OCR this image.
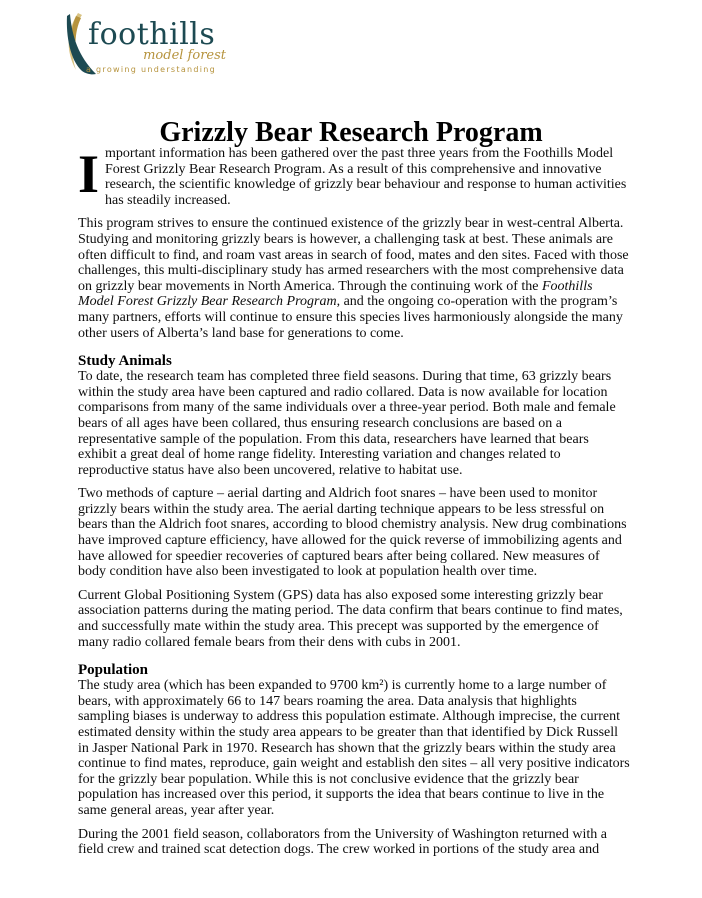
foothills
model forest
a growing understanding
Grizzly Bear Research Program

Important information has been gathered over the past three years from the Foothills Model Forest Grizzly Bear Research Program. As a result of this comprehensive and innovative research, the scientific knowledge of grizzly bear behaviour and response to human activities has steadily increased.

This program strives to ensure the continued existence of the grizzly bear in west-central Alberta. Studying and monitoring grizzly bears is however, a challenging task at best. These animals are often difficult to find, and roam vast areas in search of food, mates and den sites. Faced with those challenges, this multi-disciplinary study has armed researchers with the most comprehensive data on grizzly bear movements in North America. Through the continuing work of the Foothills Model Forest Grizzly Bear Research Program, and the ongoing co-operation with the program’s many partners, efforts will continue to ensure this species lives harmoniously alongside the many other users of Alberta’s land base for generations to come.

Study Animals

To date, the research team has completed three field seasons. During that time, 63 grizzly bears within the study area have been captured and radio collared. Data is now available for location comparisons from many of the same individuals over a three-year period. Both male and female bears of all ages have been collared, thus ensuring research conclusions are based on a representative sample of the population. From this data, researchers have learned that bears exhibit a great deal of home range fidelity. Interesting variation and changes related to reproductive status have also been uncovered, relative to habitat use.

Two methods of capture – aerial darting and Aldrich foot snares – have been used to monitor grizzly bears within the study area. The aerial darting technique appears to be less stressful on bears than the Aldrich foot snares, according to blood chemistry analysis. New drug combinations have improved capture efficiency, have allowed for the quick reverse of immobilizing agents and have allowed for speedier recoveries of captured bears after being collared. New measures of body condition have also been investigated to look at population health over time.

Current Global Positioning System (GPS) data has also exposed some interesting grizzly bear association patterns during the mating period. The data confirm that bears continue to find mates, and successfully mate within the study area. This precept was supported by the emergence of many radio collared female bears from their dens with cubs in 2001.

Population

The study area (which has been expanded to 9700 km²) is currently home to a large number of bears, with approximately 66 to 147 bears roaming the area. Data analysis that highlights sampling biases is underway to address this population estimate. Although imprecise, the current estimated density within the study area appears to be greater than that identified by Dick Russell in Jasper National Park in 1970. Research has shown that the grizzly bears within the study area continue to find mates, reproduce, gain weight and establish den sites – all very positive indicators for the grizzly bear population. While this is not conclusive evidence that the grizzly bear population has increased over this period, it supports the idea that bears continue to live in the same general areas, year after year.

During the 2001 field season, collaborators from the University of Washington returned with a field crew and trained scat detection dogs. The crew worked in portions of the study area and
